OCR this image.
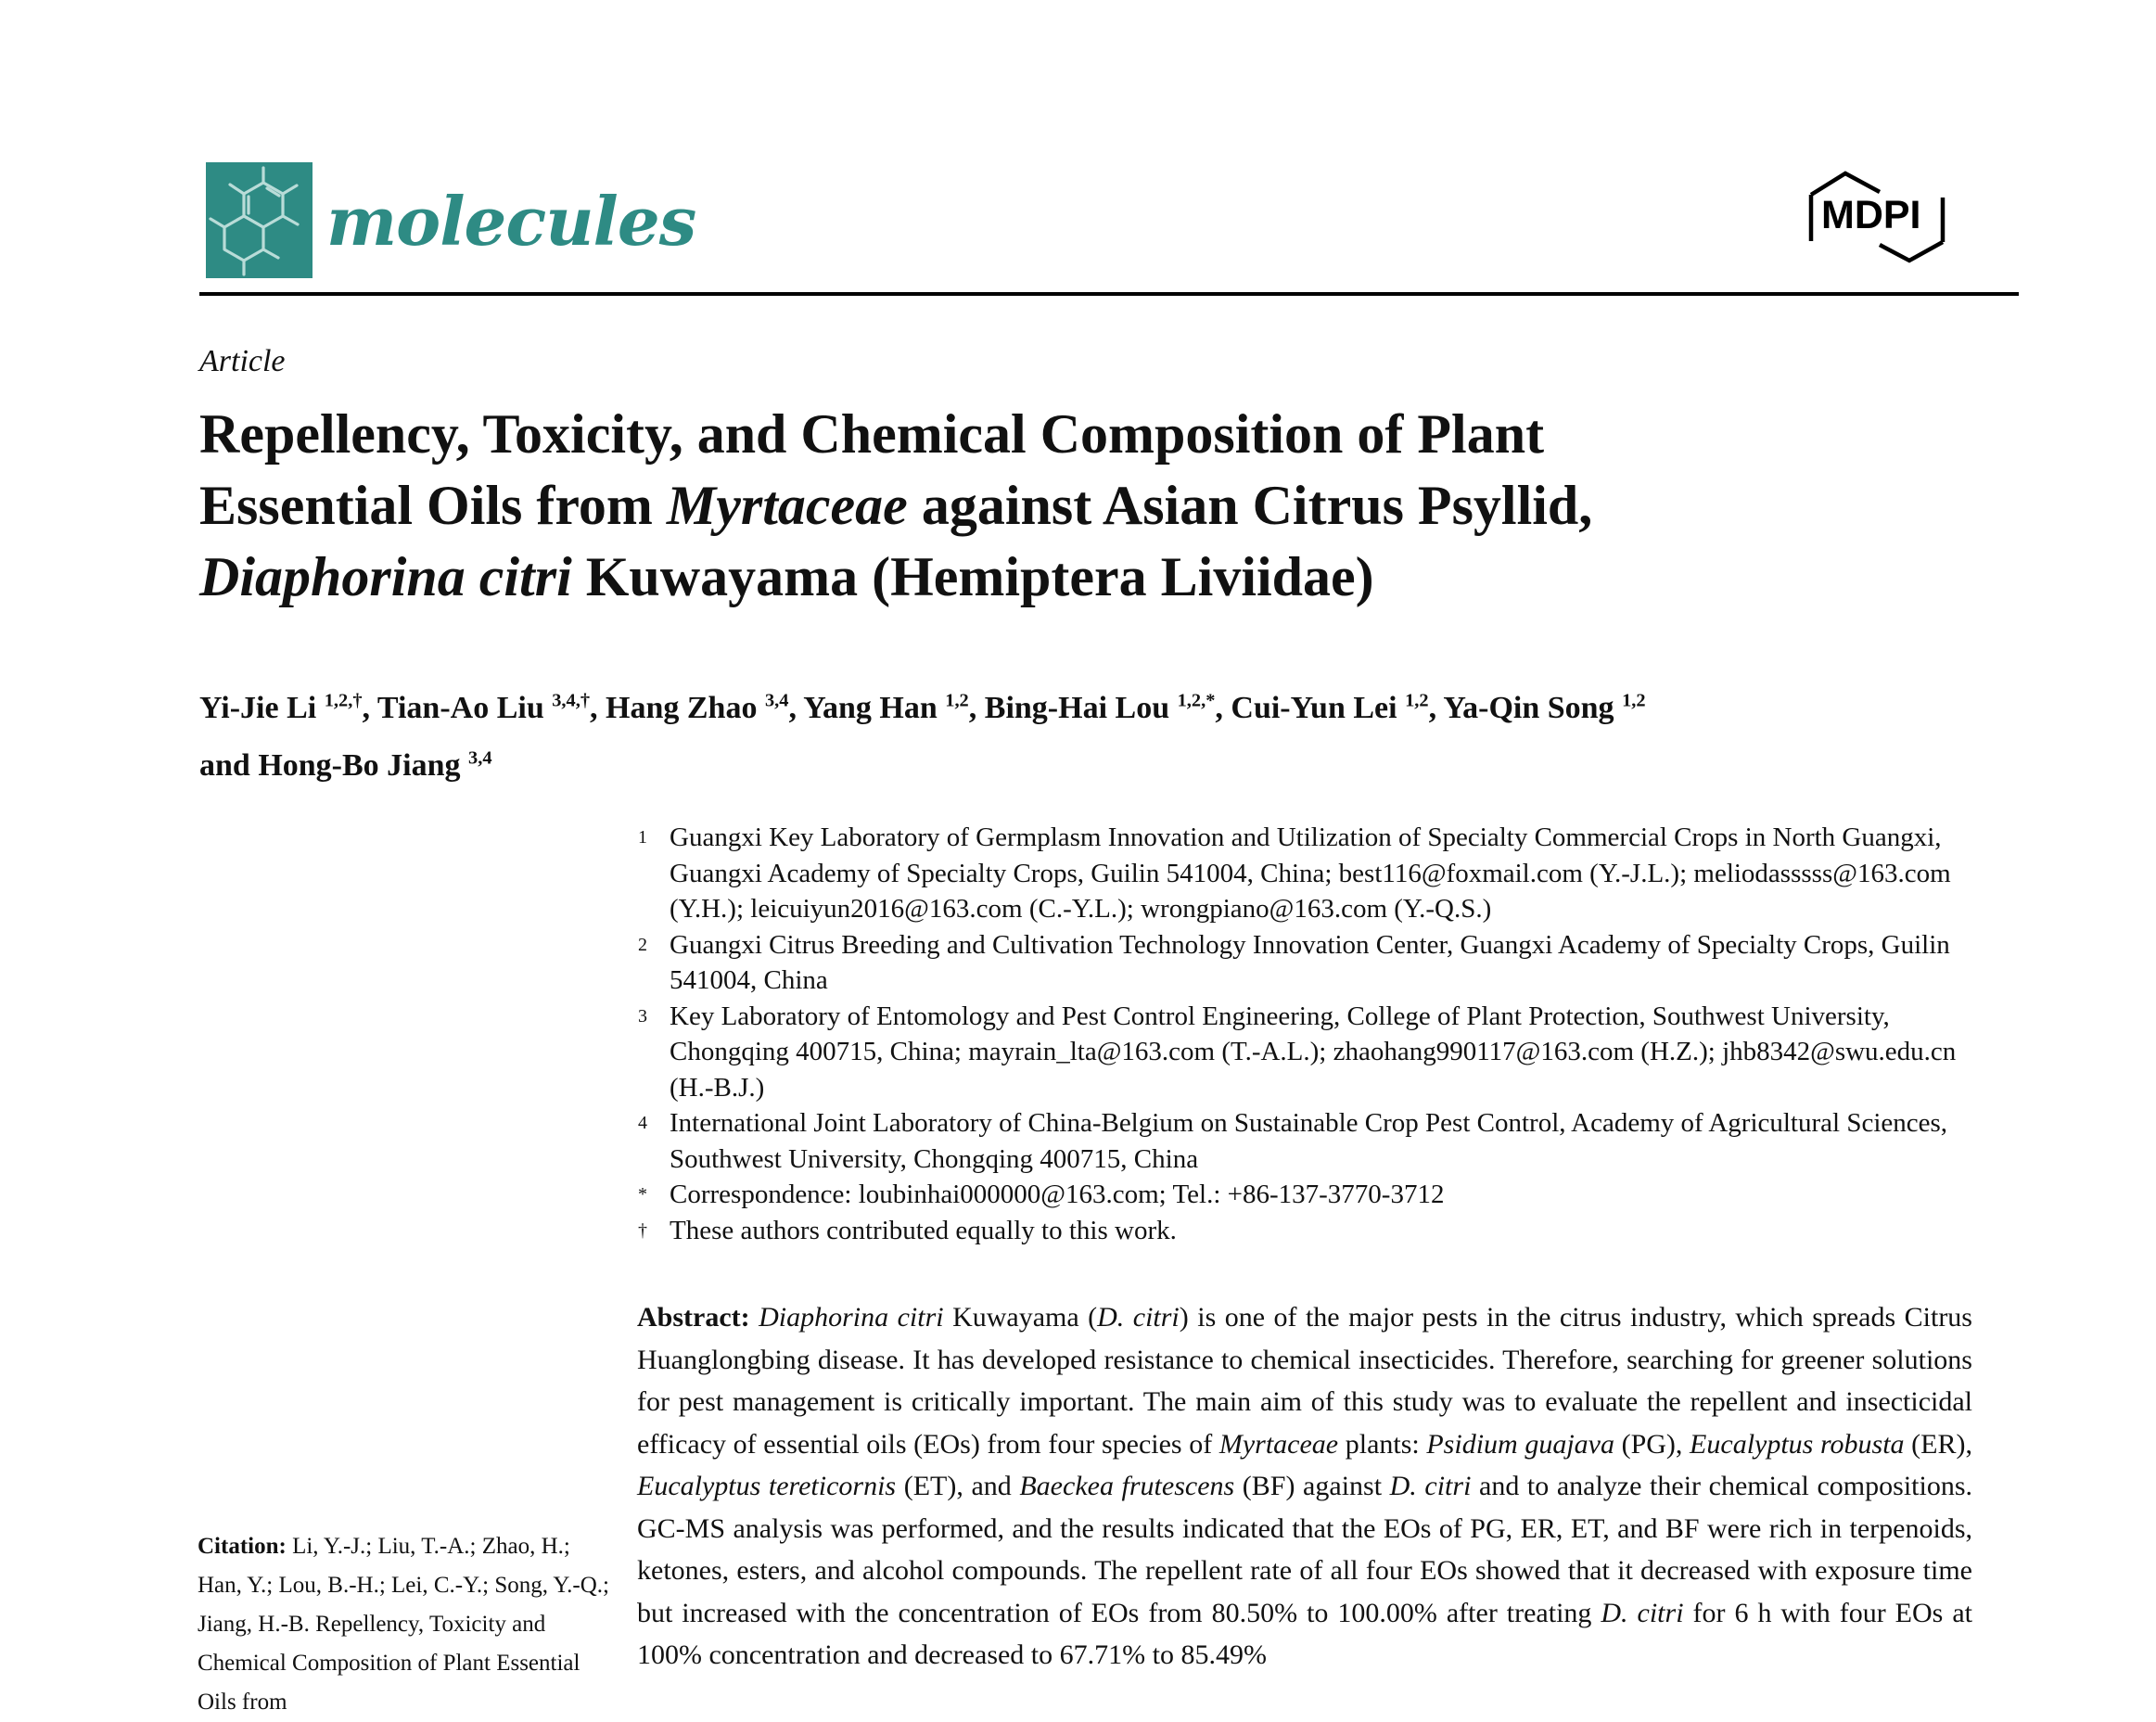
molecules	MDPI
Article
Repellency, Toxicity, and Chemical Composition of Plant
Essential Oils from Myrtaceae against Asian Citrus Psyllid,
Diaphorina citri Kuwayama (Hemiptera Liviidae)
Yi-Jie Li $^{1,2,\dagger}$, Tian-Ao Liu $^{3,4,\dagger}$, Hang Zhao $^{3,4}$, Yang Han $^{1,2}$, Bing-Hai Lou $^{1,2,*}$, Cui-Yun Lei $^{1,2}$, Ya-Qin Song $^{1,2}$
and Hong-Bo Jiang $^{3,4}$
1 Guangxi Key Laboratory of Germplasm Innovation and Utilization of Specialty Commercial Crops in North Guangxi, Guangxi Academy of Specialty Crops, Guilin 541004, China; best116@foxmail.com (Y.-J.L.); meliodasssss@163.com (Y.H.); leicuiyun2016@163.com (C.-Y.L.); wrongpiano@163.com (Y.-Q.S.)
2 Guangxi Citrus Breeding and Cultivation Technology Innovation Center, Guangxi Academy of Specialty Crops, Guilin 541004, China
3 Key Laboratory of Entomology and Pest Control Engineering, College of Plant Protection, Southwest University, Chongqing 400715, China; mayrain_lta@163.com (T.-A.L.); zhaohang990117@163.com (H.Z.); jhb8342@swu.edu.cn (H.-B.J.)
4 International Joint Laboratory of China-Belgium on Sustainable Crop Pest Control, Academy of Agricultural Sciences, Southwest University, Chongqing 400715, China
* Correspondence: loubinhai000000@163.com; Tel.: +86-137-3770-3712
† These authors contributed equally to this work.
Abstract: Diaphorina citri Kuwayama (D. citri) is one of the major pests in the citrus industry, which spreads Citrus Huanglongbing disease. It has developed resistance to chemical insecticides. Therefore, searching for greener solutions for pest management is critically important. The main aim of this study was to evaluate the repellent and insecticidal efficacy of essential oils (EOs) from four species of Myrtaceae plants: Psidium guajava (PG), Eucalyptus robusta (ER), Eucalyptus tereticornis (ET), and Baeckea frutescens (BF) against D. citri and to analyze their chemical compositions. GC-MS analysis was performed, and the results indicated that the EOs of PG, ER, ET, and BF were rich in terpenoids, ketones, esters, and alcohol compounds. The repellent rate of all four EOs showed that it decreased with exposure time but increased with the concentration of EOs from 80.50% to 100.00% after treating D. citri for 6 h with four EOs at 100% concentration and decreased to 67.71% to 85.49%
Citation: Li, Y.-J.; Liu, T.-A.; Zhao, H.; Han, Y.; Lou, B.-H.; Lei, C.-Y.; Song, Y.-Q.; Jiang, H.-B. Repellency, Toxicity and Chemical Composition of Plant Essential Oils from
